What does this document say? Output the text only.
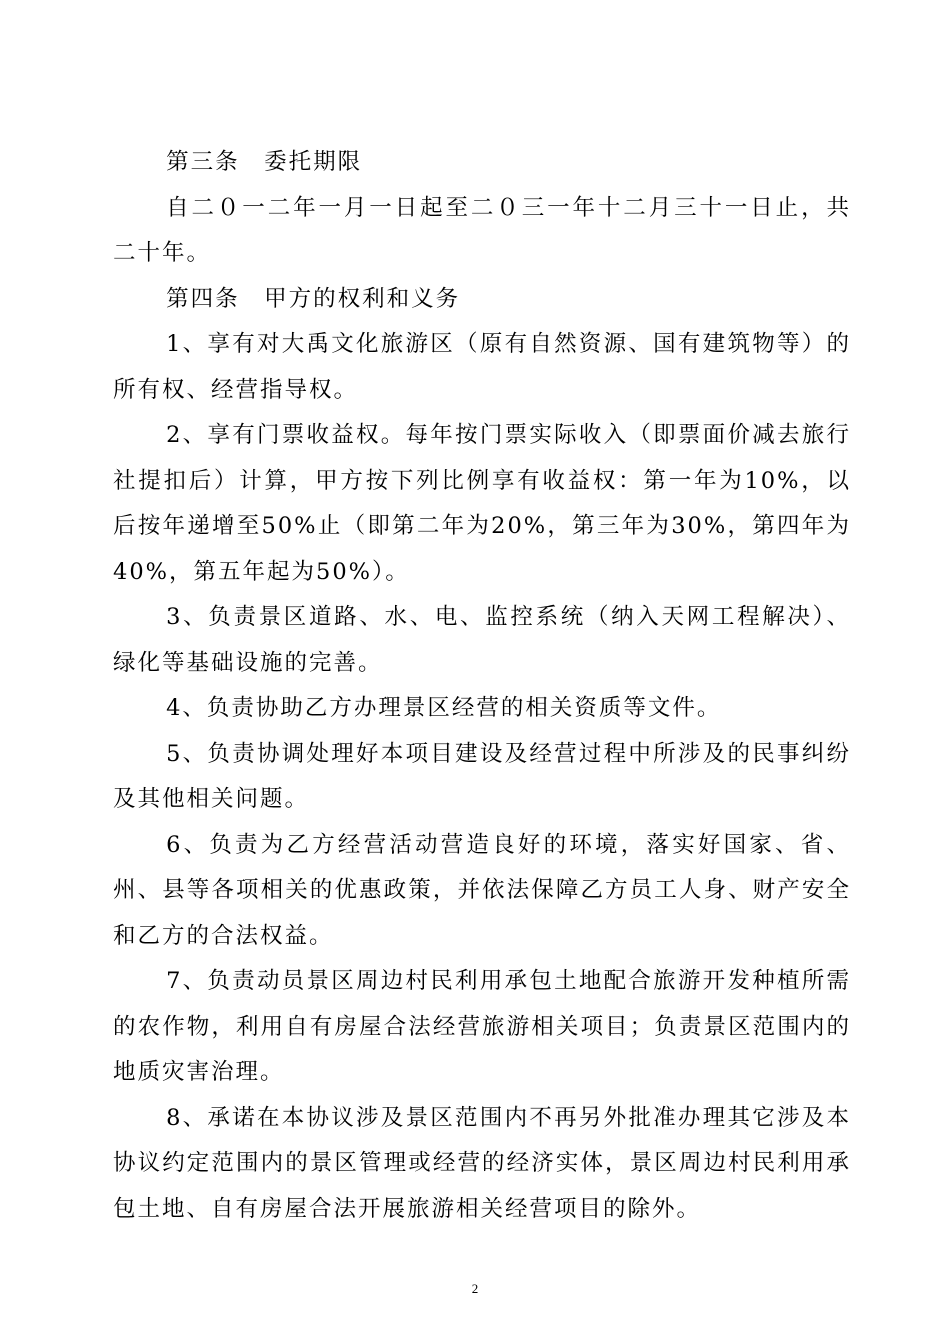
第三条　委托期限

自二０一二年一月一日起至二０三一年十二月三十一日止，共二十年。

第四条　甲方的权利和义务

1、享有对大禹文化旅游区（原有自然资源、国有建筑物等）的所有权、经营指导权。

2、享有门票收益权。每年按门票实际收入（即票面价减去旅行社提扣后）计算，甲方按下列比例享有收益权：第一年为10%，以后按年递增至50%止（即第二年为20%，第三年为30%，第四年为40%，第五年起为50%）。

3、负责景区道路、水、电、监控系统（纳入天网工程解决）、绿化等基础设施的完善。

4、负责协助乙方办理景区经营的相关资质等文件。

5、负责协调处理好本项目建设及经营过程中所涉及的民事纠纷及其他相关问题。

6、负责为乙方经营活动营造良好的环境，落实好国家、省、州、县等各项相关的优惠政策，并依法保障乙方员工人身、财产安全和乙方的合法权益。

7、负责动员景区周边村民利用承包土地配合旅游开发种植所需的农作物，利用自有房屋合法经营旅游相关项目；负责景区范围内的地质灾害治理。

8、承诺在本协议涉及景区范围内不再另外批准办理其它涉及本协议约定范围内的景区管理或经营的经济实体，景区周边村民利用承包土地、自有房屋合法开展旅游相关经营项目的除外。

2
